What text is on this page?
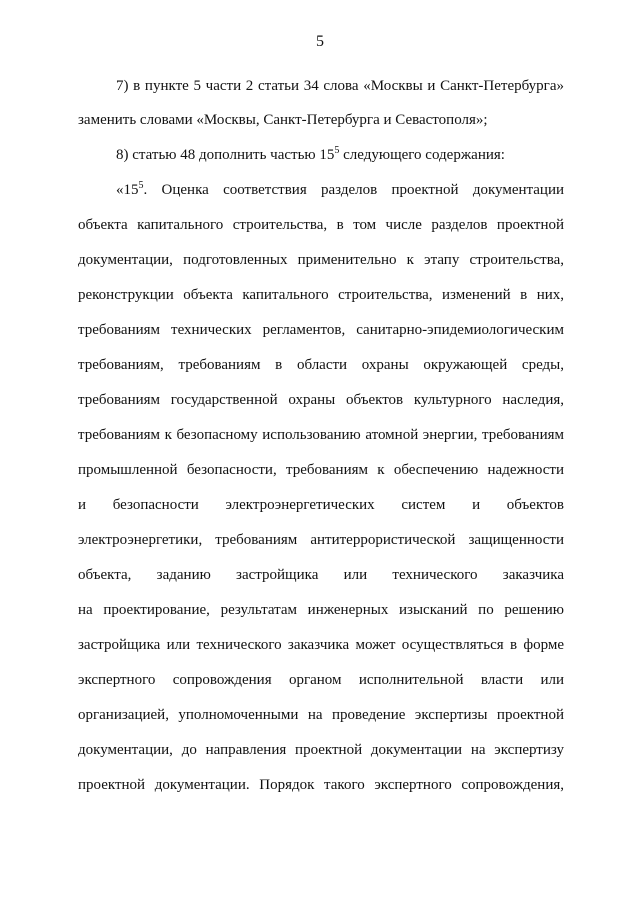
5
7) в пункте 5 части 2 статьи 34 слова «Москвы и Санкт-Петербурга»
заменить словами «Москвы, Санкт-Петербурга и Севастополя»;
8) статью 48 дополнить частью $15^5$ следующего содержания:
«$15^5$. Оценка соответствия разделов проектной документации
объекта капитального строительства, в том числе разделов проектной
документации, подготовленных применительно к этапу строительства,
реконструкции объекта капитального строительства, изменений в них,
требованиям технических регламентов, санитарно-эпидемиологическим
требованиям, требованиям в области охраны окружающей среды,
требованиям государственной охраны объектов культурного наследия,
требованиям к безопасному использованию атомной энергии, требованиям
промышленной безопасности, требованиям к обеспечению надежности
и безопасности электроэнергетических систем и объектов
электроэнергетики, требованиям антитеррористической защищенности
объекта, заданию застройщика или технического заказчика
на проектирование, результатам инженерных изысканий по решению
застройщика или технического заказчика может осуществляться в форме
экспертного сопровождения органом исполнительной власти или
организацией, уполномоченными на проведение экспертизы проектной
документации, до направления проектной документации на экспертизу
проектной документации. Порядок такого экспертного сопровождения,
